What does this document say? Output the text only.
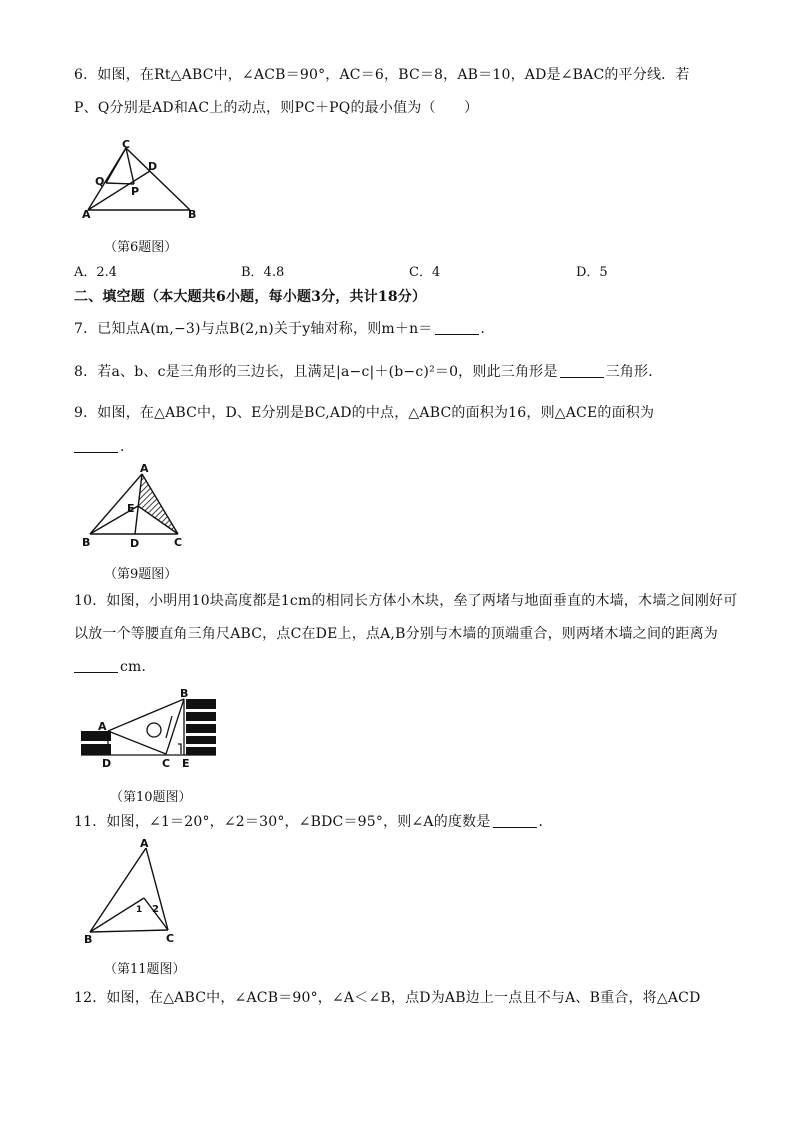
6．如图，在Rt△ABC中，∠ACB＝90°，AC＝6，BC＝8，AB＝10，AD是∠BAC的平分线．若
P、Q分别是AD和AC上的动点，则PC＋PQ的最小值为（　　）
C
D
Q
P
A	B
（第6题图）
A．2.4	B．4.8	C．4	D．5
二、填空题（本大题共6小题，每小题3分，共计18分）
7．已知点A(m,−3)与点B(2,n)关于y轴对称，则m＋n＝	．
8．若a、b、c是三角形的三边长，且满足|a−c|＋(b−c)²＝0，则此三角形是	三角形．
9．如图，在△ABC中，D、E分别是BC,AD的中点，△ABC的面积为16，则△ACE的面积为
．
A
E
B	D	C
（第9题图）
10．如图，小明用10块高度都是1cm的相同长方体小木块，垒了两堵与地面垂直的木墙，木墙之间刚好可
以放一个等腰直角三角尺ABC，点C在DE上，点A,B分别与木墙的顶端重合，则两堵木墙之间的距离为
cm．
A
B
D	C E
（第10题图）
11．如图，∠1＝20°，∠2＝30°，∠BDC＝95°，则∠A的度数是	．
A
1 2
B	C
（第11题图）
12．如图，在△ABC中，∠ACB＝90°，∠A＜∠B，点D为AB边上一点且不与A、B重合，将△ACD
